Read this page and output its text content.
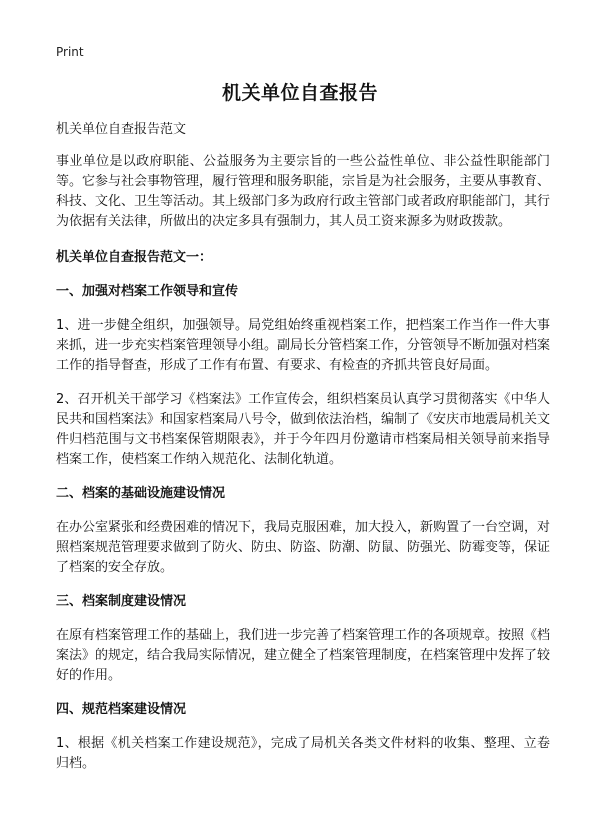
Print
机关单位自查报告

机关单位自查报告范文

事业单位是以政府职能、公益服务为主要宗旨的一些公益性单位、非公益性职能部门等。它参与社会事物管理，履行管理和服务职能，宗旨是为社会服务，主要从事教育、科技、文化、卫生等活动。其上级部门多为政府行政主管部门或者政府职能部门，其行为依据有关法律，所做出的决定多具有强制力，其人员工资来源多为财政拨款。

机关单位自查报告范文一：

一、加强对档案工作领导和宣传

1、进一步健全组织，加强领导。局党组始终重视档案工作，把档案工作当作一件大事来抓，进一步充实档案管理领导小组。副局长分管档案工作，分管领导不断加强对档案工作的指导督查，形成了工作有布置、有要求、有检查的齐抓共管良好局面。

2、召开机关干部学习《档案法》工作宣传会，组织档案员认真学习贯彻落实《中华人民共和国档案法》和国家档案局八号令，做到依法治档，编制了《安庆市地震局机关文件归档范围与文书档案保管期限表》，并于今年四月份邀请市档案局相关领导前来指导档案工作，使档案工作纳入规范化、法制化轨道。

二、档案的基础设施建设情况

在办公室紧张和经费困难的情况下，我局克服困难，加大投入，新购置了一台空调，对照档案规范管理要求做到了防火、防虫、防盗、防潮、防鼠、防强光、防霉变等，保证了档案的安全存放。

三、档案制度建设情况

在原有档案管理工作的基础上，我们进一步完善了档案管理工作的各项规章。按照《档案法》的规定，结合我局实际情况，建立健全了档案管理制度，在档案管理中发挥了较好的作用。

四、规范档案建设情况

1、根据《机关档案工作建设规范》，完成了局机关各类文件材料的收集、整理、立卷归档。
